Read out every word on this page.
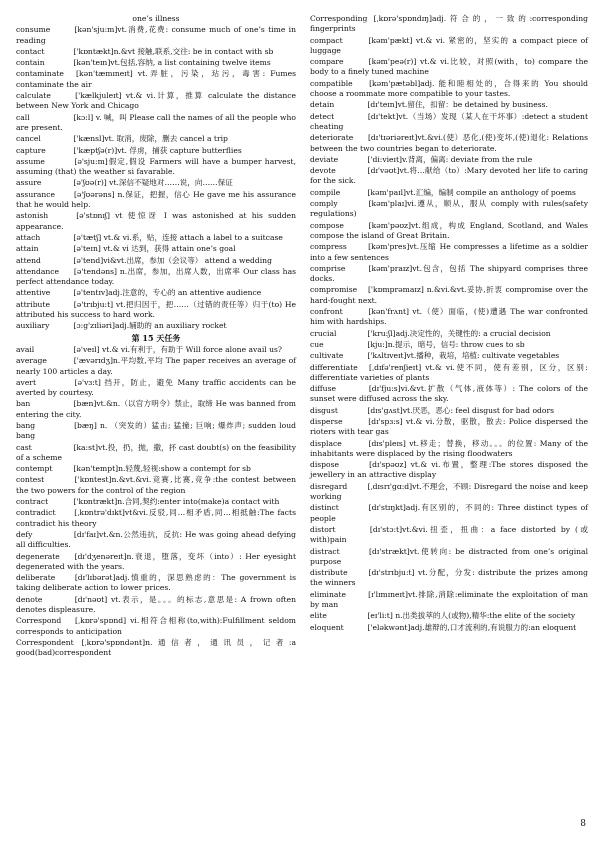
one’s illness
consume	[kən'sju:m]vt.消费,花费: consume much of one’s time in reading
contact	['kɒntækt]n.&vt 接触,联系,交往: be in contact with sb
contain	[kən'teɪn]vt.包括,容纳, a list containing twelve items
contaminate [kən'tæmɪneɪt] vt.弄脏，污染，玷污，毒害: Fumes contaminate the air
calculate	['kælkjuleɪt] vt.& vi.计算，推算 calculate the distance between New York and Chicago
call	[kɔ:l] v. 喊，叫 Please call the names of all the people who are present.
cancel	['kænsl]vt. 取消，废除，删去 cancel a trip
capture	['kæptʃə(r)]vt. 俘虏，捕获 capture butterflies
assume	[ə'sju:m]假定,假设 Farmers will have a bumper harvest, assuming (that) the weather si favarable.
assure	[ə'ʃʊə(r)] vt.深信不疑地对……说，向……保证
assurance [ə'ʃʊərəns] n.保证，把握，信心 He gave me his assurance that he would help.
astonish	[ə'stɒnɪʃ] vt 使惊讶 I was astonished at his sudden appearance.
attach	[ə'tætʃ] vt.& vi.系，贴，连接 attach a label to a suitcase
attain	[ə'teɪn] vt.& vi 达到，获得 attain one’s goal
attend	[ə'tend]vi&vt.出席，参加（会议等） attend a wedding
attendance [ə'tendəns] n.出席，参加，出席人数，出席率 Our class has perfect attendance today.
attentive	[ə'tentɪv]adj.注意的，专心的 an attentive audience
attribute	[ə'trɪbju:t] vt.把归因于，把……（过错的责任等）归于(to) He attributed his success to hard work.
auxiliary	[ɔ:g'zɪliəri]adj.辅助的 an auxiliary rocket
第 15 天任务
avail	[ə'veɪl] vt.& vi.有利于，有助于 Will force alone avail us?
average	['ævərɪdʒ]n.平均数,平均 The paper receives an average of nearly 100 articles a day.
avert	[ə'vɜ:t] 挡开，防止，避免 Many traffic accidents can be averted by courtesy.
ban	[bæn]vt.&n.（以官方明令）禁止，取缔 He was banned from entering the city.
bang	[bæŋ] n. （突发的）猛击; 猛撞; 巨响; 爆炸声; sudden loud bang
cast	[ka:st]vt.投，扔，抛，撒，抔 cast doubt(s) on the feasibility of a scheme
contempt	[kən'tempt]n.轻蔑,轻视:show a contempt for sb
contest	['kɒntest]n.&vt.&vi.竞赛,比赛,竞争:the contest between the two powers for the control of the region
contract	['kɒntrækt]n.合同,契约:enter into(make)a contact with
contradict [ˌkɒntrə'dɪkt]vt&vi.反驳,同…相矛盾,同…相抵触:The facts contradict his theory
defy	[dɪ'faɪ]vt.&n.公然违抗，反抗: He was going ahead defying all difficulties.
degenerate [dɪ'dʒenəreɪt]n.衰退，堕落，变坏（into）: Her eyesight degenerated with the years.
deliberate	[dɪ'lɪbərət]adj.慎重的，深思熟虑的：The government is taking deliberate action to lower prices.
denote	[dɪ'nəʊt] vt.表示，是。。。的标志,意思是: A frown often denotes displeasure.
Correspond [ˌkɒrə'spɒnd] vi.相符合相称(to,with):Fulfillment seldom corresponds to anticipation
Correspondent [ˌkɒrə'spɒndənt]n.通信者，通讯员，记者:a good(bad)correspondent
Corresponding [ˌkɒrə'spɒndɪŋ]adj.符合的，一致的:corresponding fingerprints
compact	[kəm'pækt] vt.& vi. 紧密的，坚实的 a compact piece of luggage
compare	[kəm'peə(r)] vt.& vi.比较，对照(with，to) compare the body to a finely tuned machine
compatible [kəm'pætəbl]adj. 能和睦相处的，合得来的 You should choose a roommate more compatible to your tastes.
detain	[dɪ'teɪn]vt.留住，扣留：be detained by business.
detect	[dɪ'tekt]vt.（当场）发现（某人在干坏事）:detect a student cheating
deteriorate [dɪ'tɪəriəreɪt]vt.&vi.(使）恶化,(使)变坏,(使)退化: Relations between the two countries began to deteriorate.
deviate	['di:vieɪt]v.背离，偏离: deviate from the rule
devote	[dɪ'vəʊt]vt.将…献给（to）:Mary devoted her life to caring for the sick.
compile	[kəm'paɪl]vt.汇编，编制 compile an anthology of poems
comply	[kəm'plaɪ]vi.遵从，顺从，服从 comply with rules(safety regulations)
compose	[kəm'pəʊz]vt.组成，构成 England, Scotland, and Wales compose the island of Great Britain.
compress	[kəm'pres]vt.压缩 He compresses a lifetime as a soldier into a few sentences
comprise	[kəm'praɪz]vt.包含，包括 The shipyard comprises three docks.
compromise ['kɒmprəmaɪz] n.&vi.&vt.妥协,折衷 compromise over the hard-fought next.
confront	[kən'frʌnt] vt.（使）面临，(使)遭遇 The war confronted him with hardships.
crucial	['kru:ʃl]adj.决定性的，关键性的: a crucial decision
cue	[kju:]n.提示，暗号，信号: throw cues to sb
cultivate	['kʌltɪveɪt]vt.播种，栽培，培植: cultivate vegetables
differentiate [ˌdɪfə'renʃieɪt] vt.& vi.使不同，使有差别，区分，区别: differentiate varieties of plants
diffuse	[dɪ'fju:s]vi.&vt.扩散（气体,液体等）: The colors of the sunset were diffused across the sky.
disgust	[dɪs'gʌst]vt.厌恶，恶心: feel disgust for bad odors
disperse	[dɪ'spɜ:s] vt.& vi.分散，驱散，散去: Police dispersed the rioters with tear gas
displace	[dɪs'pleɪs] vt.移走；替换，移动。。。的位置: Many of the inhabitants were displaced by the rising floodwaters
dispose	[dɪ'spəʊz] vt.& vi.布置，整理:The stores disposed the jewellery in an attractive display
disregard	[ˌdɪsrɪ'gɑ:d]vt.不理会，不顾: Disregard the noise and keep working
distinct	[dɪ'stɪŋkt]adj.有区别的，不同的: Three distinct types of people
distort	[dɪ'stɔ:t]vt.&vi.扭歪，扭曲：a face distorted by (或 with)pain
distract	[dɪ'strækt]vt.使转向: be distracted from one’s original purpose
distribute	[dɪ'strɪbju:t] vt.分配，分发: distribute the prizes among the winners
eliminate	[ɪ'lɪmɪneɪt]vt.排除,消除:eliminate the exploitation of man by man
elite	[eɪ'li:t] n.出类拔萃的人(或物),精华:the elite of the society
eloquent	['eləkwənt]adj.雄辩的,口才流利的,有说服力的:an eloquent
8
